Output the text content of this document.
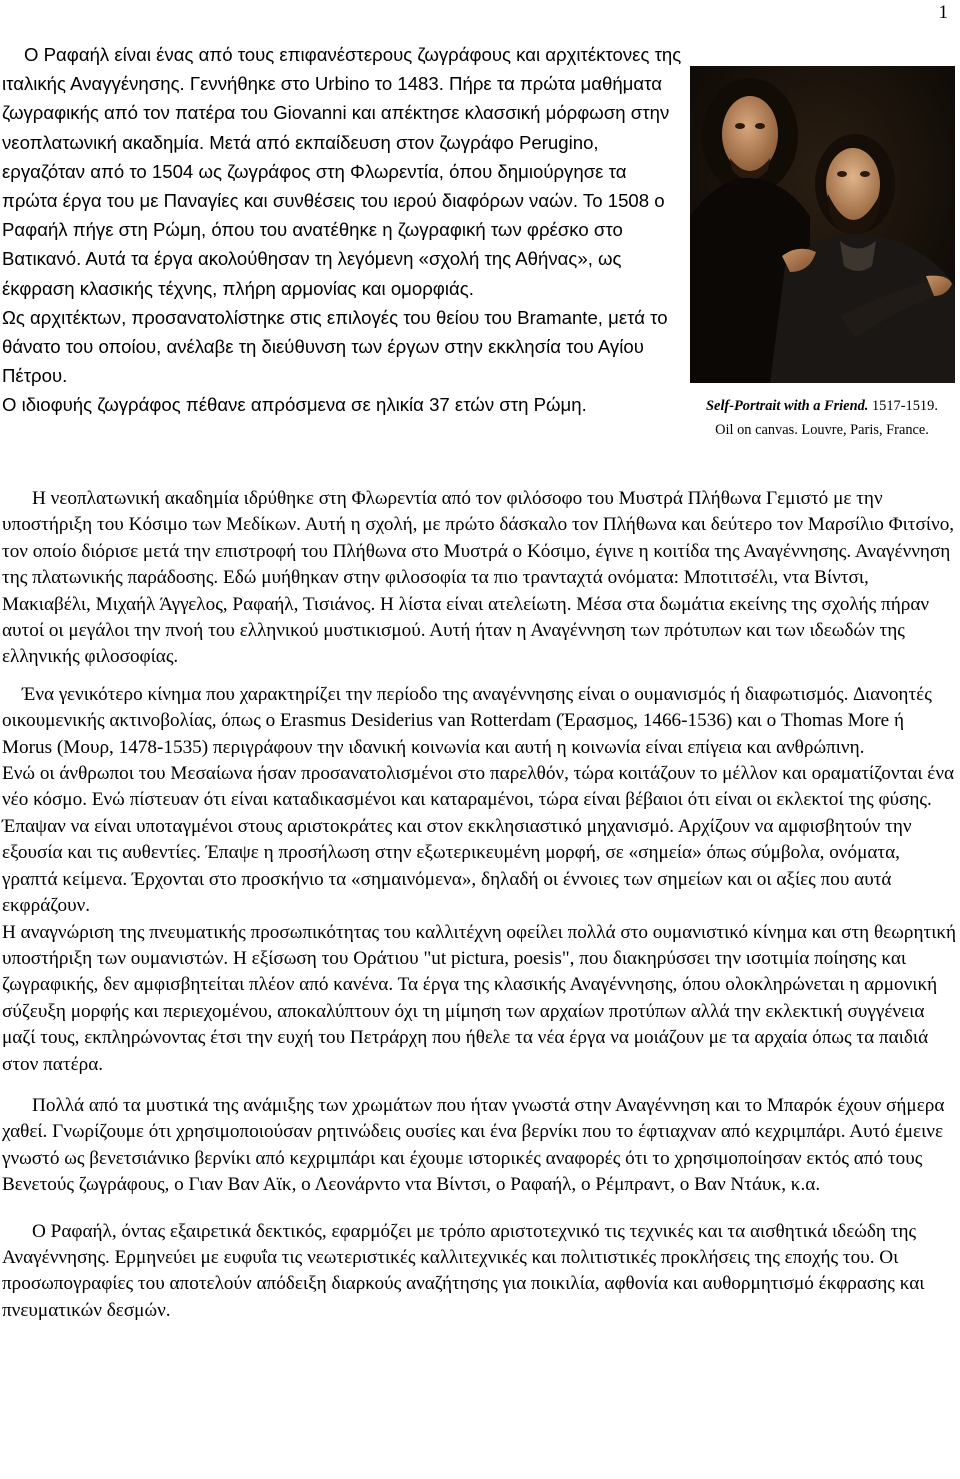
1

Ο Ραφαήλ είναι ένας από τους επιφανέστερους ζωγράφους και αρχιτέκτονες της ιταλικής Αναγγένησης. Γεννήθηκε στο Urbino το 1483. Πήρε τα πρώτα μαθήματα ζωγραφικής από τον πατέρα του Giovanni και απέκτησε κλασσική μόρφωση στην νεοπλατωνική ακαδημία. Μετά από εκπαίδευση στον ζωγράφο Perugino, εργαζόταν από το 1504 ως ζωγράφος στη Φλωρεντία, όπου δημιούργησε τα πρώτα έργα του με Παναγίες και συνθέσεις του ιερού διαφόρων ναών. Το 1508 ο Ραφαήλ πήγε στη Ρώμη, όπου του ανατέθηκε η ζωγραφική των φρέσκο στο Βατικανό. Αυτά τα έργα ακολούθησαν τη λεγόμενη «σχολή της Αθήνας», ως έκφραση κλασικής τέχνης, πλήρη αρμονίας και ομορφιάς.

Ως αρχιτέκτων, προσανατολίστηκε στις επιλογές του θείου του Bramante, μετά το θάνατο του οποίου, ανέλαβε τη διεύθυνση των έργων στην εκκλησία του Αγίου Πέτρου.

Ο ιδιοφυής ζωγράφος πέθανε απρόσμενα σε ηλικία 37 ετών στη Ρώμη.	Self-Portrait with a Friend. 1517-1519.
Oil on canvas. Louvre, Paris, France.

Η νεοπλατωνική ακαδημία ιδρύθηκε στη Φλωρεντία από τον φιλόσοφο του Μυστρά Πλήθωνα Γεμιστό με την υποστήριξη του Κόσιμο των Μεδίκων. Αυτή η σχολή, με πρώτο δάσκαλο τον Πλήθωνα και δεύτερο τον Μαρσίλιο Φιτσίνο, τον οποίο διόρισε μετά την επιστροφή του Πλήθωνα στο Μυστρά ο Κόσιμο, έγινε η κοιτίδα της Αναγέννησης. Αναγέννηση της πλατωνικής παράδοσης. Εδώ μυήθηκαν στην φιλοσοφία τα πιο τρανταχτά ονόματα: Μποτιτσέλι, ντα Βίντσι, Μακιαβέλι, Μιχαήλ Άγγελος, Ραφαήλ, Τισιάνος. Η λίστα είναι ατελείωτη. Μέσα στα δωμάτια εκείνης της σχολής πήραν αυτοί οι μεγάλοι την πνοή του ελληνικού μυστικισμού. Αυτή ήταν η Αναγέννηση των πρότυπων και των ιδεωδών της ελληνικής φιλοσοφίας.

Ένα γενικότερο κίνημα που χαρακτηρίζει την περίοδο της αναγέννησης είναι ο ουμανισμός ή διαφωτισμός. ∆ιανοητές οικουμενικής ακτινοβολίας, όπως ο Erasmus Desiderius van Rotterdam (Έρασμος, 1466-1536) και ο Thomas More ή Morus (Μουρ, 1478-1535) περιγράφουν την ιδανική κοινωνία και αυτή η κοινωνία είναι επίγεια και ανθρώπινη.

Ενώ οι άνθρωποι του Μεσαίωνα ήσαν προσανατολισμένοι στο παρελθόν, τώρα κοιτάζουν το μέλλον και οραματίζονται ένα νέο κόσμο. Ενώ πίστευαν ότι είναι καταδικασμένοι και καταραμένοι, τώρα είναι βέβαιοι ότι είναι οι εκλεκτοί της φύσης. Έπαψαν να είναι υποταγμένοι στους αριστοκράτες και στον εκκλησιαστικό μηχανισμό. Αρχίζουν να αμφισβητούν την εξουσία και τις αυθεντίες. Έπαψε η προσήλωση στην εξωτερικευμένη μορφή, σε «σημεία» όπως σύμβολα, ονόματα, γραπτά κείμενα. Έρχονται στο προσκήνιο τα «σημαινόμενα», δηλαδή οι έννοιες των σημείων και οι αξίες που αυτά εκφράζουν.

Η αναγνώριση της πνευματικής προσωπικότητας του καλλιτέχνη οφείλει πολλά στο ουμανιστικό κίνημα και στη θεωρητική υποστήριξη των ουμανιστών. Η εξίσωση του Οράτιου "ut pictura, poesis", που διακηρύσσει την ισοτιμία ποίησης και ζωγραφικής, δεν αμφισβητείται πλέον από κανένα. Τα έργα της κλασικής Αναγέννησης, όπου ολοκληρώνεται η αρμονική σύζευξη μορφής και περιεχομένου, αποκαλύπτουν όχι τη μίμηση των αρχαίων προτύπων αλλά την εκλεκτική συγγένεια μαζί τους, εκπληρώνοντας έτσι την ευχή του Πετράρχη που ήθελε τα νέα έργα να μοιάζουν με τα αρχαία όπως τα παιδιά στον πατέρα.

Πολλά από τα μυστικά της ανάμιξης των χρωμάτων που ήταν γνωστά στην Αναγέννηση και το Μπαρόκ έχουν σήμερα χαθεί. Γνωρίζουμε ότι χρησιμοποιούσαν ρητινώδεις ουσίες και ένα βερνίκι που το έφτιαχναν από κεχριμπάρι. Αυτό έμεινε γνωστό ως βενετσιάνικο βερνίκι από κεχριμπάρι και έχουμε ιστορικές αναφορές ότι το χρησιμοποίησαν εκτός από τους Βενετούς ζωγράφους, ο Γιαν Βαν Αϊκ, ο Λεονάρντο ντα Βίντσι, ο Ραφαήλ, ο Ρέμπραντ, ο Βαν Ντάυκ, κ.α.

Ο Ραφαήλ, όντας εξαιρετικά δεκτικός, εφαρμόζει με τρόπο αριστοτεχνικό τις τεχνικές και τα αισθητικά ιδεώδη της Αναγέννησης. Ερμηνεύει με ευφυΐα τις νεωτεριστικές καλλιτεχνικές και πολιτιστικές προκλήσεις της εποχής του. Οι προσωπογραφίες του αποτελούν απόδειξη διαρκούς αναζήτησης για ποικιλία, αφθονία και αυθορμητισμό έκφρασης και πνευματικών δεσμών.
